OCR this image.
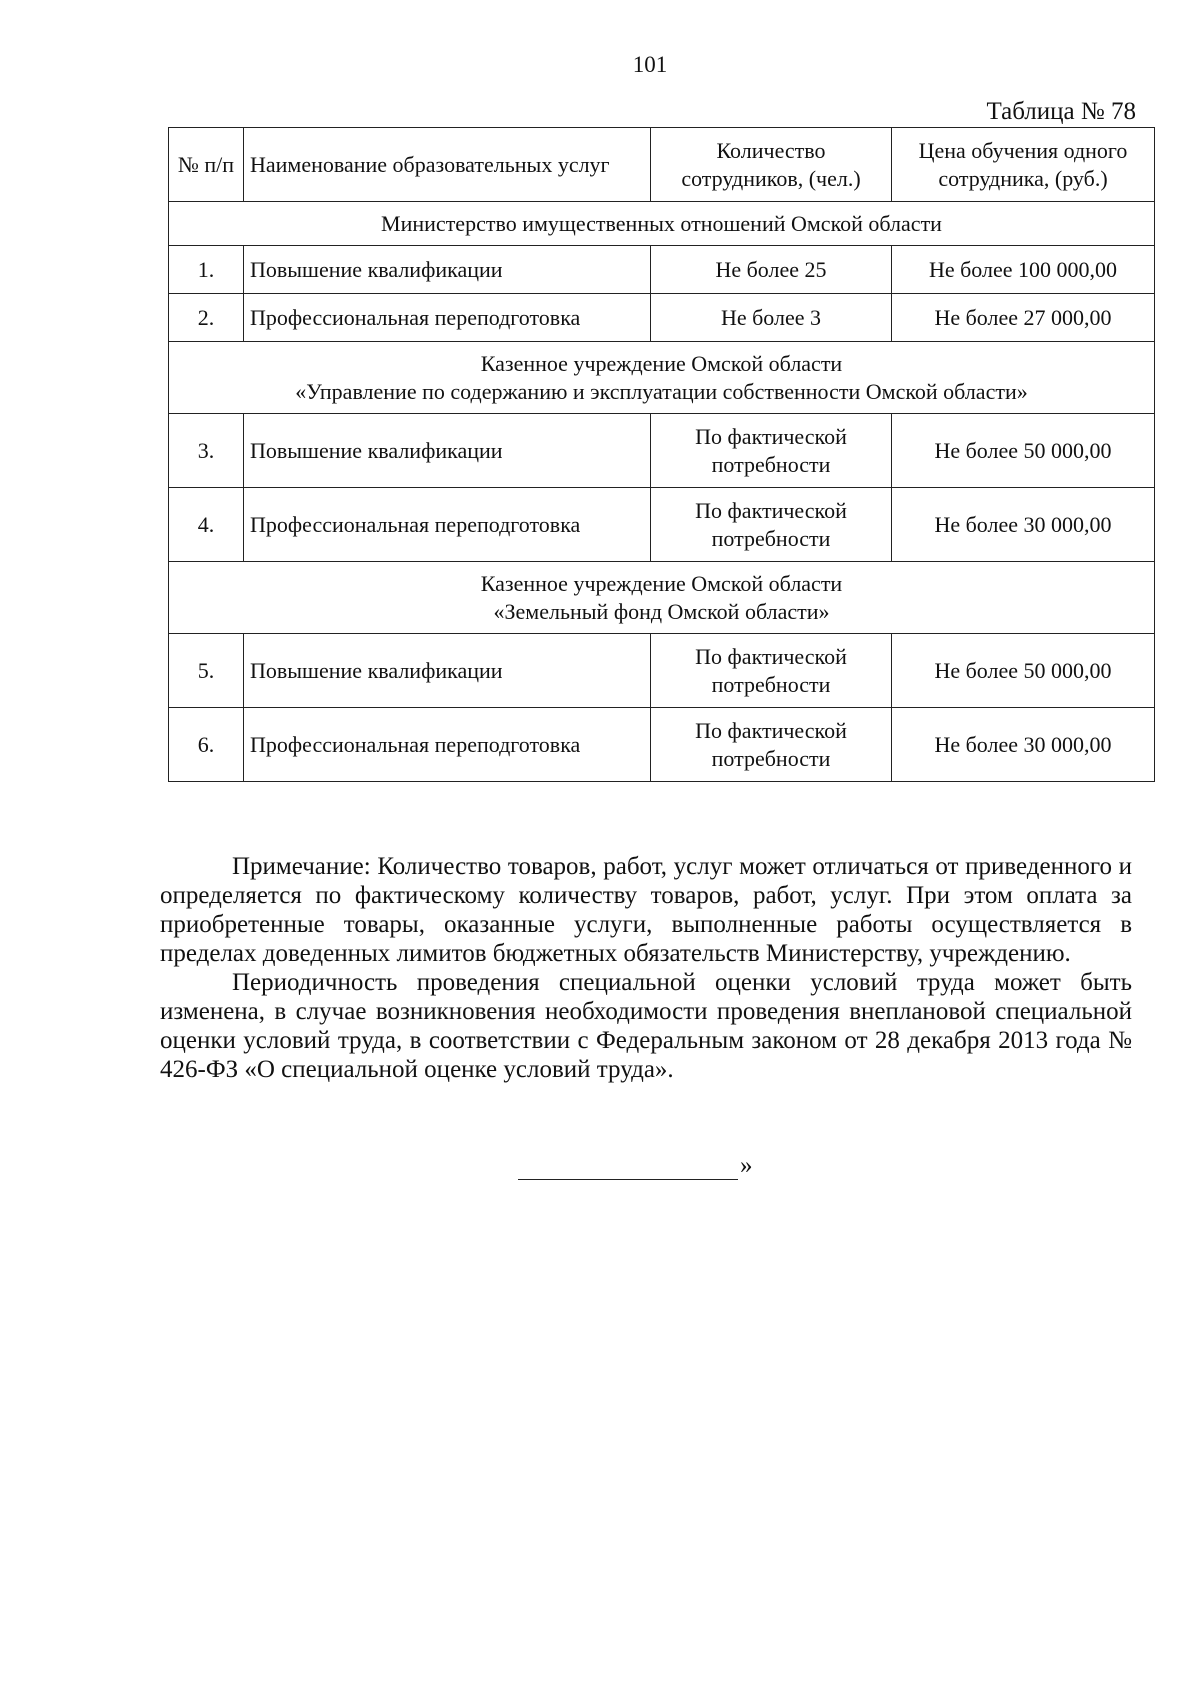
101
Таблица № 78
№ п/п	Наименование образовательных услуг	Количество сотрудников, (чел.)	Цена обучения одного сотрудника, (руб.)

Министерство имущественных отношений Омской области			

1.	Повышение квалификации	Не более 25	Не более 100 000,00
2.	Профессиональная переподготовка	Не более 3	Не более 27 000,00

Казенное учреждение Омской области
«Управление по содержанию и эксплуатации собственности Омской области»			

3.	Повышение квалификации	По фактической потребности	Не более 50 000,00
4.	Профессиональная переподготовка	По фактической потребности	Не более 30 000,00

Казенное учреждение Омской области
«Земельный фонд Омской области»			

5.	Повышение квалификации	По фактической потребности	Не более 50 000,00
6.	Профессиональная переподготовка	По фактической потребности	Не более 30 000,00

Примечание: Количество товаров, работ, услуг может отличаться от приведенного и определяется по фактическому количеству товаров, работ, услуг. При этом оплата за приобретенные товары, оказанные услуги, выполненные работы осуществляется в пределах доведенных лимитов бюджетных обязательств Министерству, учреждению.

Периодичность проведения специальной оценки условий труда может быть изменена, в случае возникновения необходимости проведения внеплановой специальной оценки условий труда, в соответствии с Федеральным законом от 28 декабря 2013 года № 426-ФЗ «О специальной оценке условий труда».

»
